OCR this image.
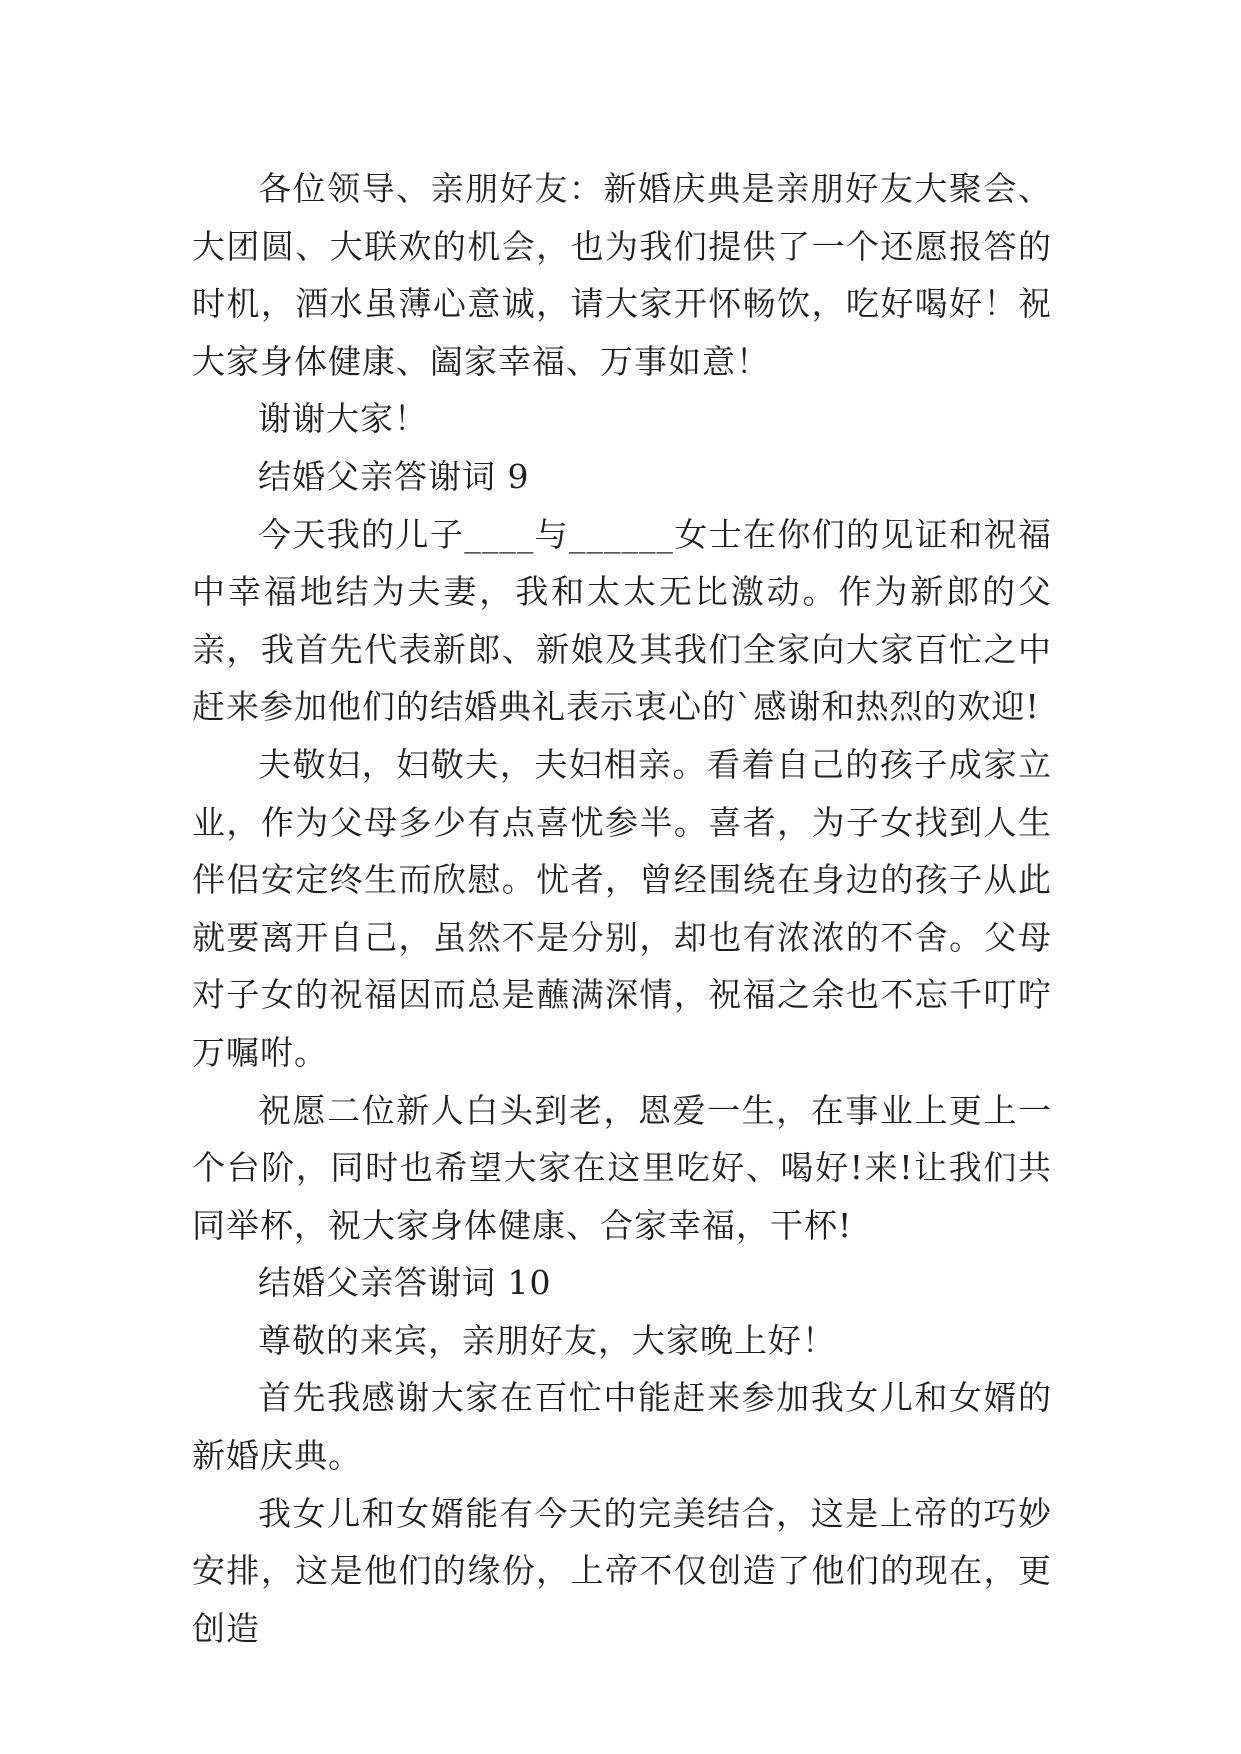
各位领导、亲朋好友：新婚庆典是亲朋好友大聚会、大团圆、大联欢的机会，也为我们提供了一个还愿报答的时机，酒水虽薄心意诚，请大家开怀畅饮，吃好喝好！祝大家身体健康、阖家幸福、万事如意！

谢谢大家！

结婚父亲答谢词 9

今天我的儿子____与______女士在你们的见证和祝福中幸福地结为夫妻，我和太太无比激动。作为新郎的父亲，我首先代表新郎、新娘及其我们全家向大家百忙之中赶来参加他们的结婚典礼表示衷心的`感谢和热烈的欢迎!

夫敬妇，妇敬夫，夫妇相亲。看着自己的孩子成家立业，作为父母多少有点喜忧参半。喜者，为子女找到人生伴侣安定终生而欣慰。忧者，曾经围绕在身边的孩子从此就要离开自己，虽然不是分别，却也有浓浓的不舍。父母对子女的祝福因而总是蘸满深情，祝福之余也不忘千叮咛万嘱咐。

祝愿二位新人白头到老，恩爱一生，在事业上更上一个台阶，同时也希望大家在这里吃好、喝好!来!让我们共同举杯，祝大家身体健康、合家幸福，干杯!

结婚父亲答谢词 10

尊敬的来宾，亲朋好友，大家晚上好！

首先我感谢大家在百忙中能赶来参加我女儿和女婿的新婚庆典。

我女儿和女婿能有今天的完美结合，这是上帝的巧妙安排，这是他们的缘份，上帝不仅创造了他们的现在，更创造
